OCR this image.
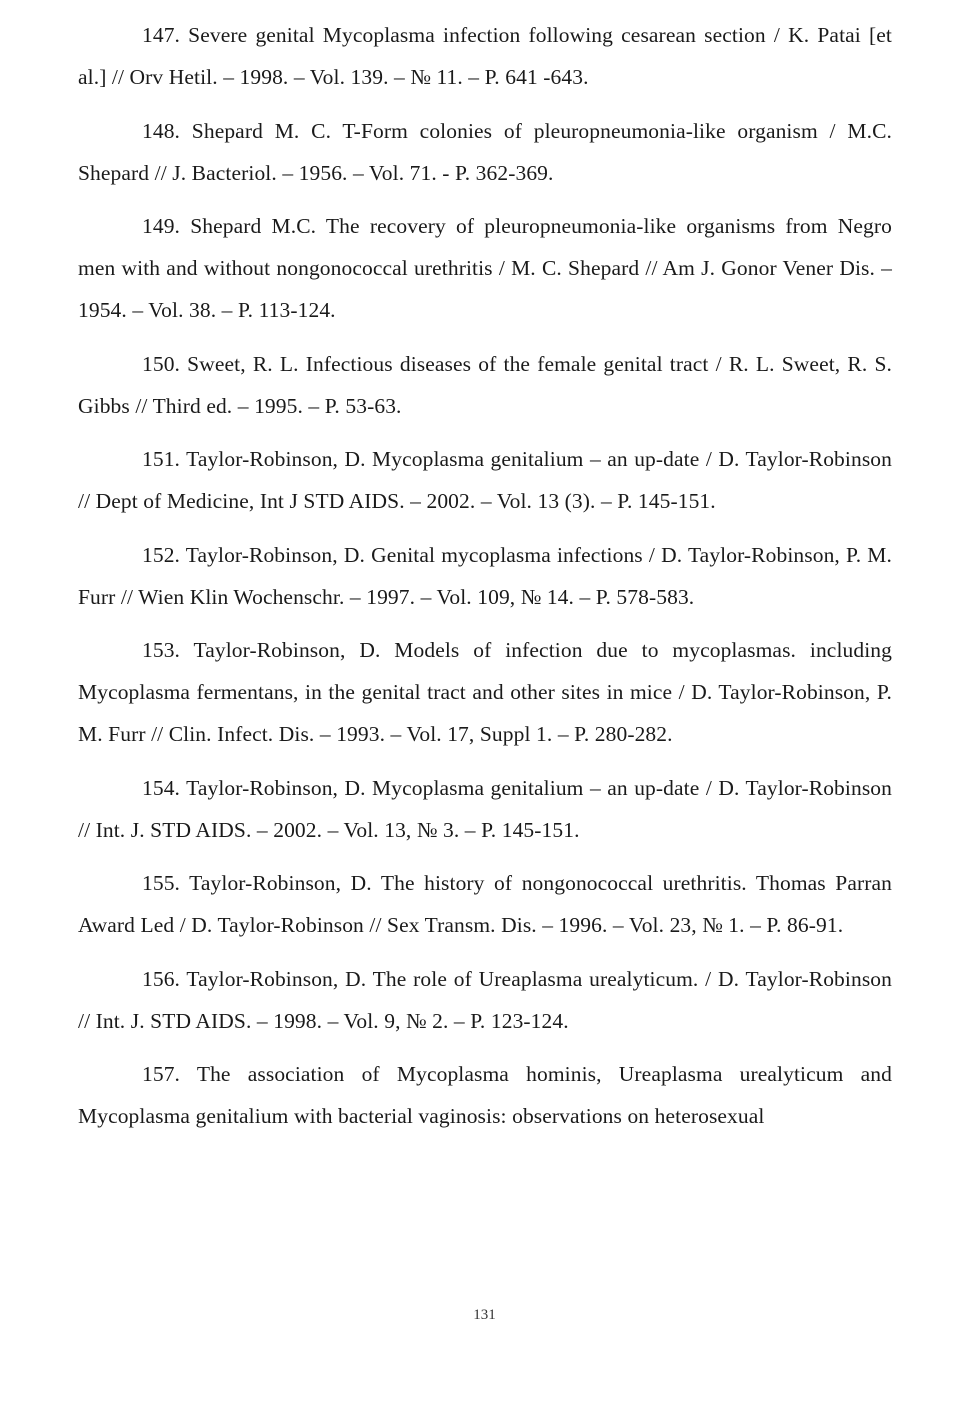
147. Severe genital Mycoplasma infection following cesarean section / K. Patai [et al.] // Orv Hetil. – 1998. – Vol. 139. – № 11. – P. 641 -643.

148. Shepard M. C. T-Form colonies of pleuropneumonia-like organism / M.C. Shepard // J. Bacteriol. – 1956. – Vol. 71. - P. 362-369.

149. Shepard M.C. The recovery of pleuropneumonia-like organisms from Negro men with and without nongonococcal urethritis / M. C. Shepard // Am J. Gonor Vener Dis. – 1954. – Vol. 38. – P. 113-124.

150. Sweet, R. L. Infectious diseases of the female genital tract / R. L. Sweet, R. S. Gibbs // Third ed. – 1995. – P. 53-63.

151. Taylor-Robinson, D. Mycoplasma genitalium – an up-date / D. Taylor-Robinson // Dept of Medicine, Int J STD AIDS. – 2002. – Vol. 13 (3). – P. 145-151.

152. Taylor-Robinson, D. Genital mycoplasma infections / D. Taylor-Robinson, P. M. Furr // Wien Klin Wochenschr. – 1997. – Vol. 109, № 14. – P. 578-583.

153. Taylor-Robinson, D. Models of infection due to mycoplasmas. including Mycoplasma fermentans, in the genital tract and other sites in mice / D. Taylor-Robinson, P. M. Furr // Clin. Infect. Dis. – 1993. – Vol. 17, Suppl 1. – P. 280-282.

154. Taylor-Robinson, D. Mycoplasma genitalium – an up-date / D. Taylor-Robinson // Int. J. STD AIDS. – 2002. – Vol. 13, № 3. – P. 145-151.

155. Taylor-Robinson, D. The history of nongonococcal urethritis. Thomas Parran Award Led / D. Taylor-Robinson // Sex Transm. Dis. – 1996. – Vol. 23, № 1. – P. 86-91.

156. Taylor-Robinson, D. The role of Ureaplasma urealyticum. / D. Taylor-Robinson // Int. J. STD AIDS. – 1998. – Vol. 9, № 2. – P. 123-124.

157. The association of Mycoplasma hominis, Ureaplasma urealyticum and Mycoplasma genitalium with bacterial vaginosis: observations on heterosexual

131
